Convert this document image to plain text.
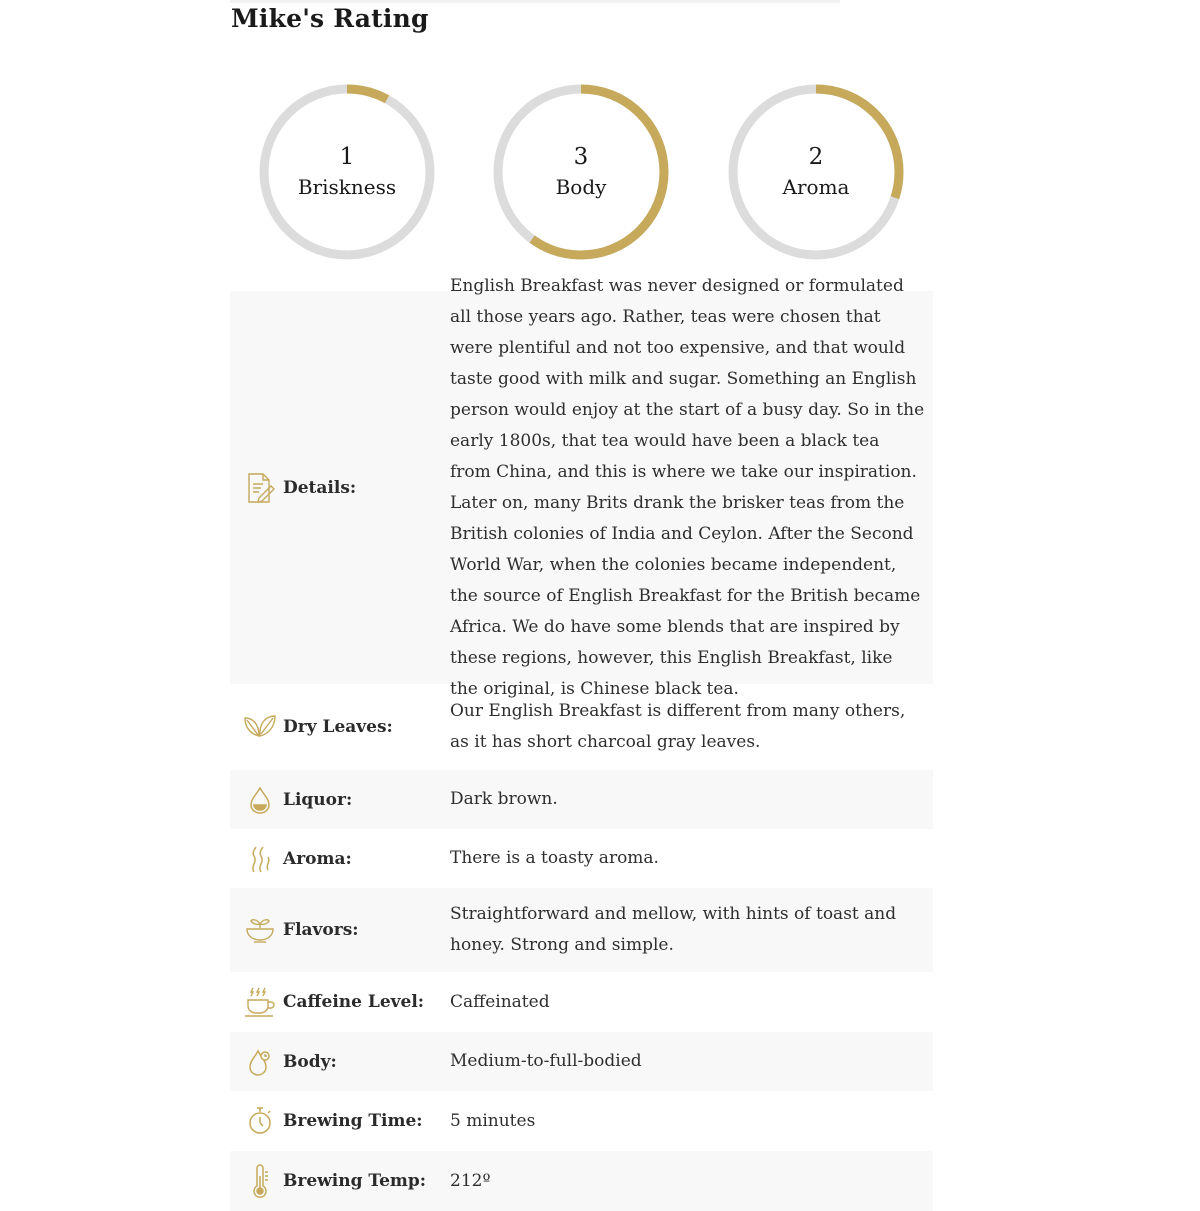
Mike's Rating
1
Briskness
3
Body
2
Aroma
Details:
English Breakfast was never designed or formulated all those years ago. Rather, teas were chosen that were plentiful and not too expensive, and that would taste good with milk and sugar. Something an English person would enjoy at the start of a busy day. So in the early 1800s, that tea would have been a black tea from China, and this is where we take our inspiration. Later on, many Brits drank the brisker teas from the British colonies of India and Ceylon. After the Second World War, when the colonies became independent, the source of English Breakfast for the British became Africa. We do have some blends that are inspired by these regions, however, this English Breakfast, like the original, is Chinese black tea.
Dry Leaves:
Our English Breakfast is different from many others, as it has short charcoal gray leaves.
Liquor:	Dark brown.
Aroma:	There is a toasty aroma.
Flavors:
Straightforward and mellow, with hints of toast and honey. Strong and simple.
Caffeine Level: Caffeinated
Body:	Medium-to-full-bodied
Brewing Time: 5 minutes
Brewing Temp: 212º
